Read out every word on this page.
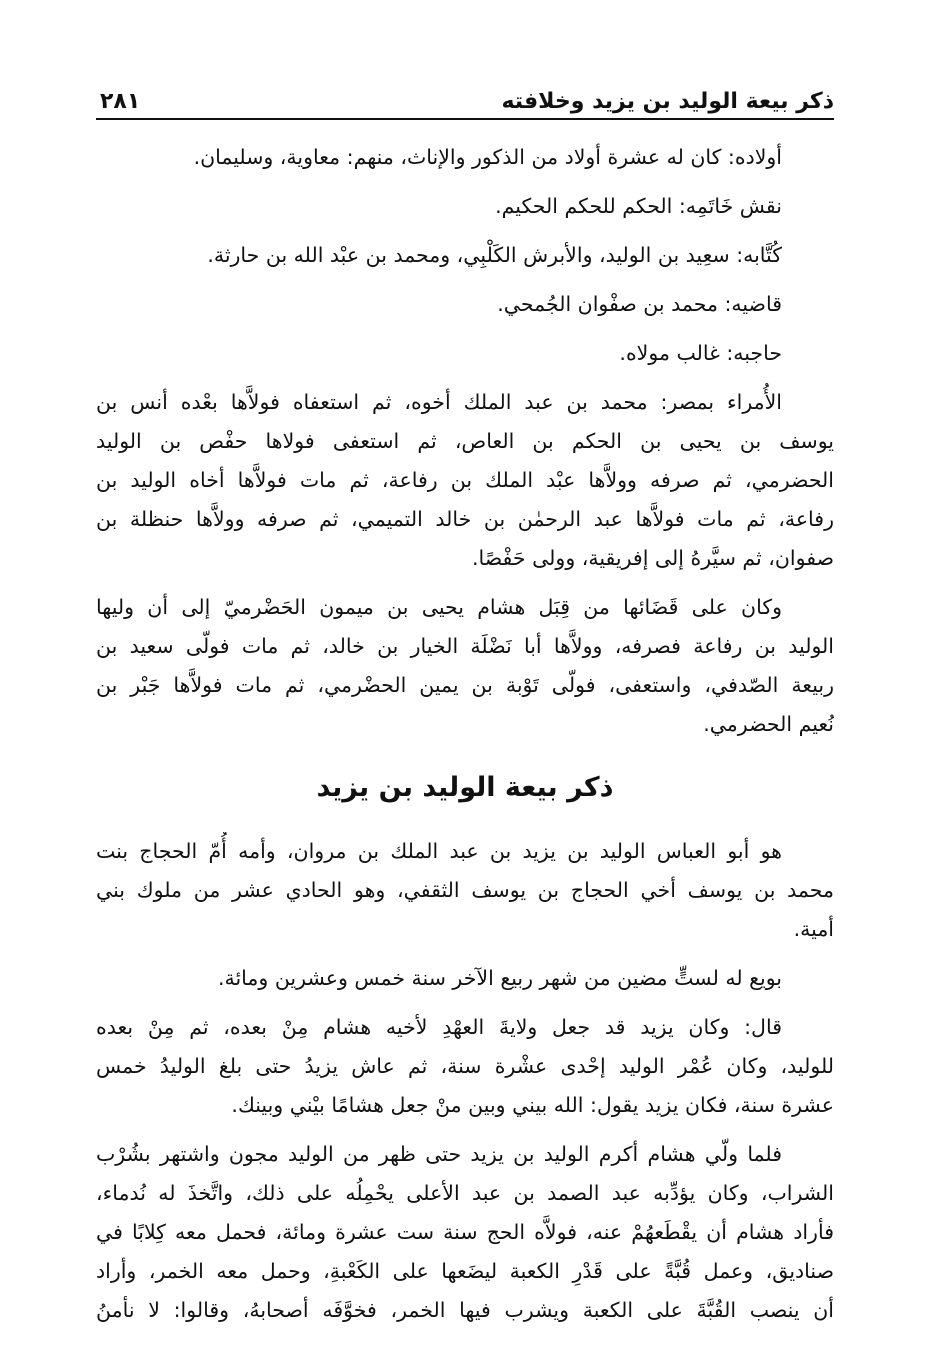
ذكر بيعة الوليد بن يزيد وخلافته
٢٨١
أولاده: كان له عشرة أولاد من الذكور والإناث، منهم: معاوية، وسليمان.
نقش خَاتَمِه: الحكم للحكم الحكيم.
كُتَّابه: سعِيد بن الوليد، والأبرش الكَلْبِي، ومحمد بن عبْد الله بن حارثة.
قاضيه: محمد بن صفْوان الجُمحي.
حاجبه: غالب مولاه.
الأُمراء بمصر: محمد بن عبد الملك أخوه، ثم استعفاه فولاَّها بعْده أنس بن
يوسف بن يحيى بن الحكم بن العاص، ثم استعفى فولاها حفْص بن الوليد
الحضرمي، ثم صرفه وولاَّها عبْد الملك بن رفاعة، ثم مات فولاَّها أخاه الوليد بن
رفاعة، ثم مات فولاَّها عبد الرحمٰن بن خالد التميمي، ثم صرفه وولاَّها حنظلة بن
صفوان، ثم سيَّرهُ إلى إفريقية، وولى حَفْصًا.
وكان على قَضَائها من قِبَل هشام يحيى بن ميمون الحَضْرميّ إلى أن وليها
الوليد بن رفاعة فصرفه، وولاَّها أبا نَضْلَة الخيار بن خالد، ثم مات فولّى سعيد بن
ربيعة الصّدفي، واستعفى، فولّى تَوْبة بن يمين الحضْرمي، ثم مات فولاَّها جَبْر بن
نُعيم الحضرمي.
ذكر بيعة الوليد بن يزيد
هو أبو العباس الوليد بن يزيد بن عبد الملك بن مروان، وأمه أُمّ الحجاج بنت
محمد بن يوسف أخي الحجاج بن يوسف الثقفي، وهو الحادي عشر من ملوك بني
أمية.
بويع له لستٍّ مضين من شهر ربيع الآخر سنة خمس وعشرين ومائة.
قال: وكان يزيد قد جعل ولايةَ العهْدِ لأخيه هشام مِنْ بعده، ثم مِنْ بعده
للوليد، وكان عُمْر الوليد إحْدى عشْرة سنة، ثم عاش يزيدُ حتى بلغ الوليدُ خمس
عشرة سنة، فكان يزيد يقول: الله بيني وبين منْ جعل هشامًا بيْني وبينك.
فلما ولّي هشام أكرم الوليد بن يزيد حتى ظهر من الوليد مجون واشتهر بشُرْب
الشراب، وكان يؤدِّبه عبد الصمد بن عبد الأعلى يحْمِلُه على ذلك، واتَّخذَ له نُدماء،
فأراد هشام أن يقْطَعهُمْ عنه، فولاَّه الحج سنة ست عشرة ومائة، فحمل معه كِلابًا في
صناديق، وعمل قُبَّةً على قَدْرِ الكعبة ليضَعها على الكَعْبةِ، وحمل معه الخمر، وأراد
أن ينصب القُبَّةَ على الكعبة ويشرب فيها الخمر، فخوَّفَه أصحابهُ، وقالوا: لا نأمنُ
